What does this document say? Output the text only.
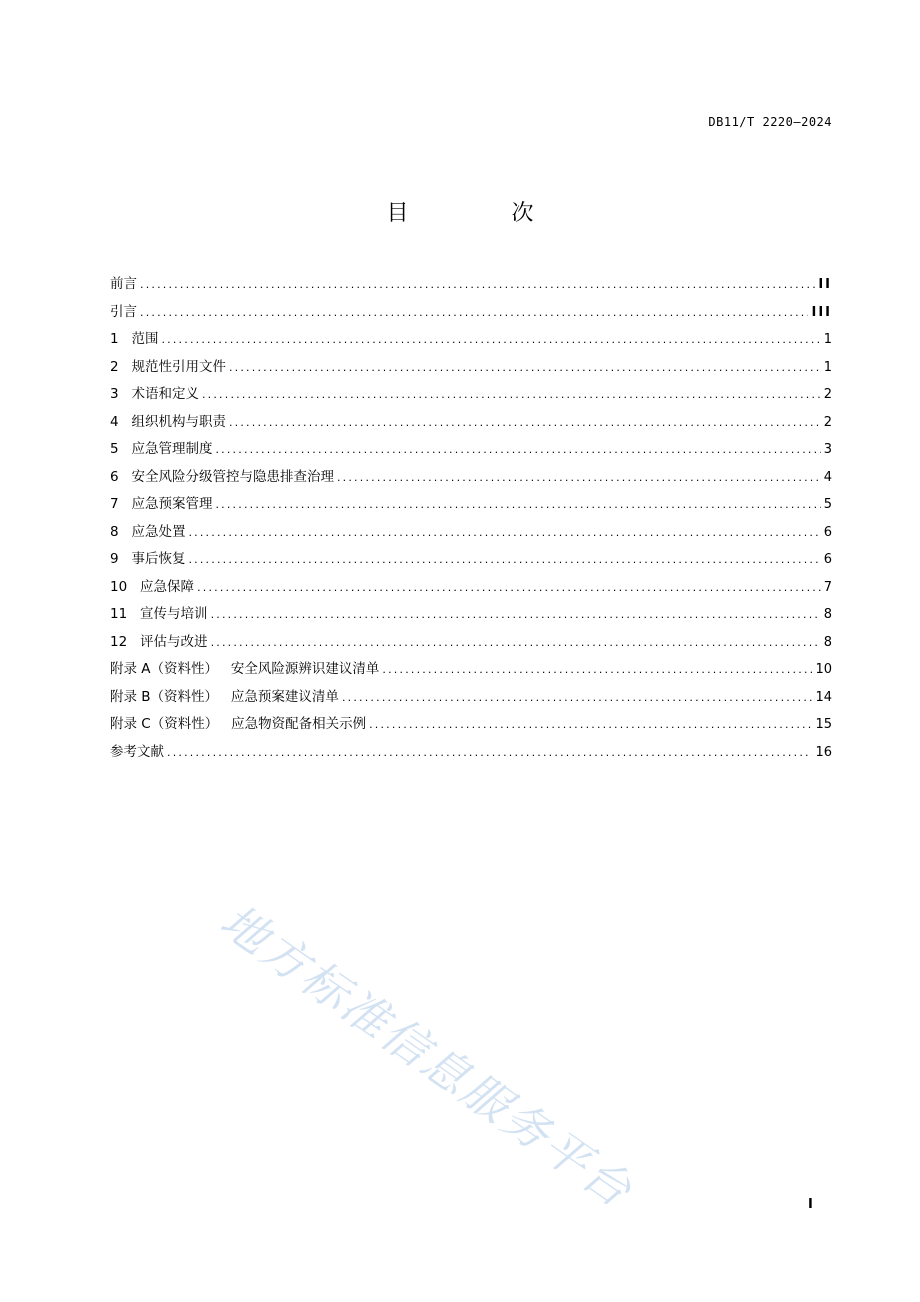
DB11/T 2220—2024
目 次
前言 .....	II
引言 .....	III
1   范围 .....	1
2   规范性引用文件 .....	1
3   术语和定义 .....	2
4   组织机构与职责 .....	2
5   应急管理制度 .....	3
6   安全风险分级管控与隐患排查治理 .....	4
7   应急预案管理 .....	5
8   应急处置 .....	6
9   事后恢复 .....	6
10   应急保障 .....	7
11   宣传与培训 .....	8
12   评估与改进 .....	8
附录 A（资料性）   安全风险源辨识建议清单 .....	10
附录 B（资料性）   应急预案建议清单 .....	14
附录 C（资料性）   应急物资配备相关示例 .....	15
参考文献 .....	16
I
地方标准信息服务平台
